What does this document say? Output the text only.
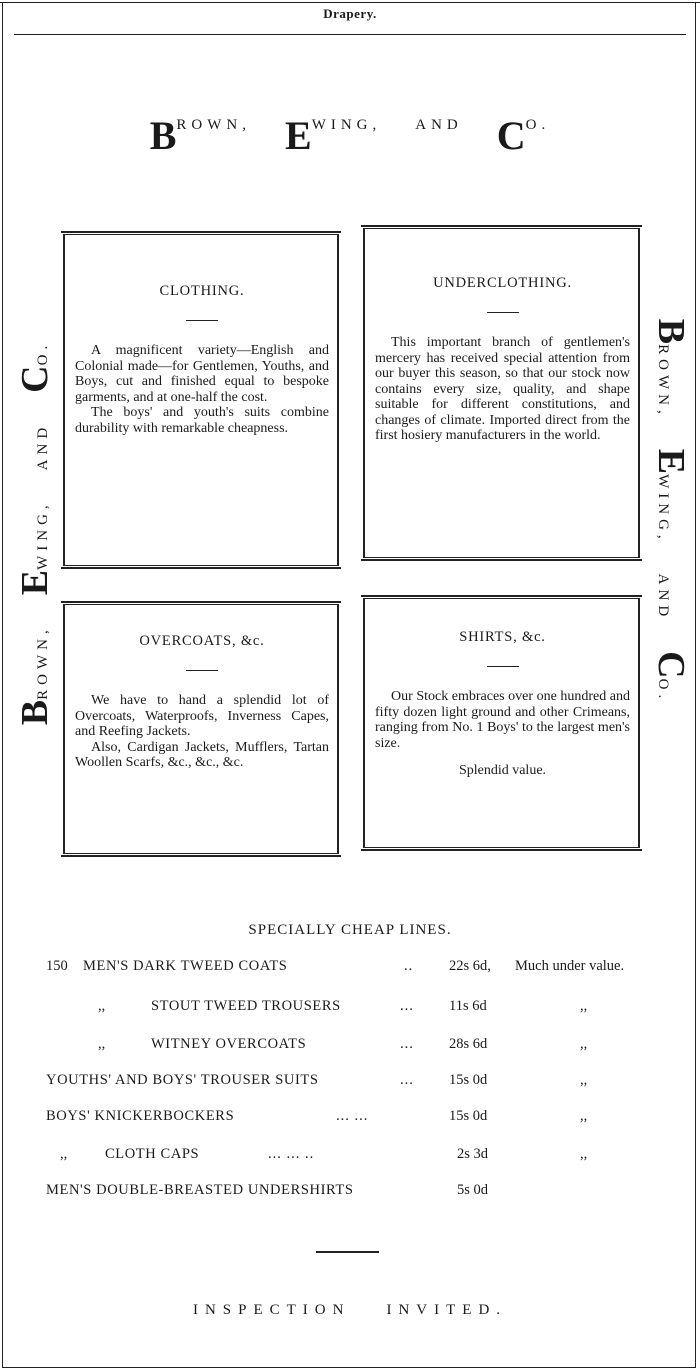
Drapery.
BROWN, EWING, AND CO.
BROWN,EWING,ANDCO.
BROWN,EWING,ANDCO.
CLOTHING.

A magnificent variety—English and Colonial made—for Gentlemen, Youths, and Boys, cut and finished equal to bespoke garments, and at one-half the cost.

The boys' and youth's suits combine durability with remarkable cheapness.

UNDERCLOTHING.

This important branch of gentlemen's mercery has received special attention from our buyer this season, so that our stock now contains every size, quality, and shape suitable for different constitutions, and changes of climate. Imported direct from the first hosiery manufacturers in the world.

OVERCOATS, &c.

We have to hand a splendid lot of Overcoats, Waterproofs, Inverness Capes, and Reefing Jackets.

Also, Cardigan Jackets, Mufflers, Tartan Woollen Scarfs, &c., &c., &c.

SHIRTS, &c.

Our Stock embraces over one hundred and fifty dozen light ground and other Crimeans, ranging from No. 1 Boys' to the largest men's size.

Splendid value.

SPECIALLY CHEAP LINES.
150 MEN'S DARK TWEED COATS	.. 22s 6d, Much under value.
,,	STOUT TWEED TROUSERS	... 11s 6d	,,
,,	WITNEY OVERCOATS	... 28s 6d	,,
YOUTHS' AND BOYS' TROUSER SUITS	... 15s 0d	,,
BOYS' KNICKERBOCKERS	... ...	15s 0d	,,
,,	CLOTH CAPS	... ... ..	2s 3d	,,
MEN'S DOUBLE-BREASTED UNDERSHIRTS	5s 0d
INSPECTION INVITED.
